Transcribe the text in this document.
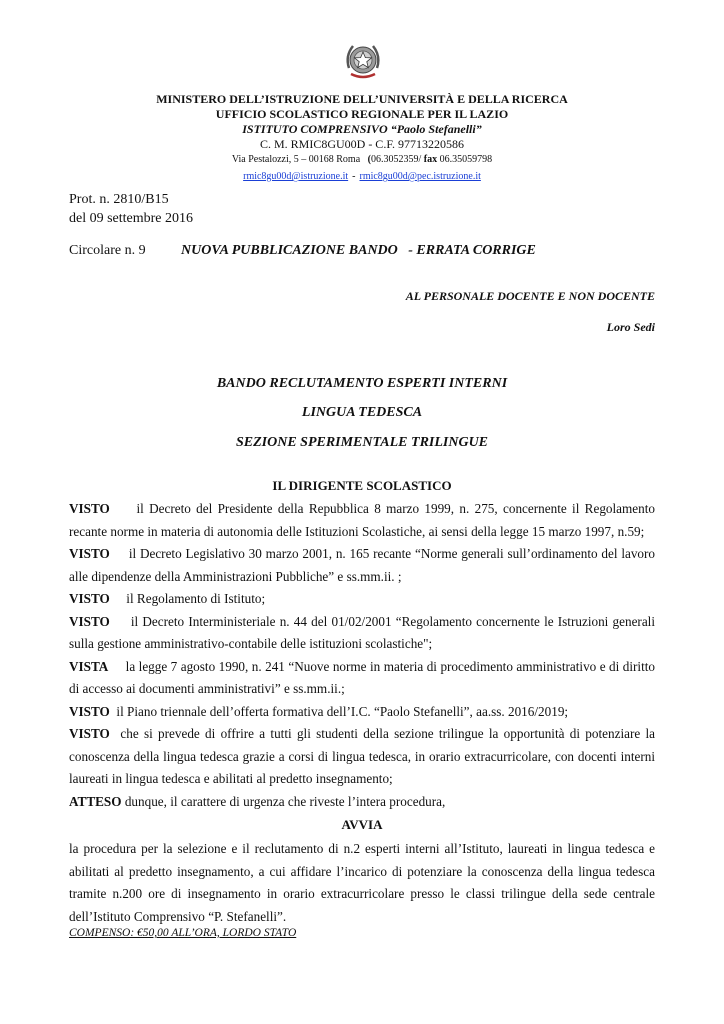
MINISTERO DELL’ISTRUZIONE DELL’UNIVERSITÀ E DELLA RICERCA
UFFICIO SCOLASTICO REGIONALE PER IL LAZIO
ISTITUTO COMPRENSIVO “Paolo Stefanelli”
C. M. RMIC8GU00D - C.F. 97713220586
Via Pestalozzi, 5 – 00168 Roma (06.3052359/ fax 06.35059798
rmic8gu00d@istruzione.it - rmic8gu00d@pec.istruzione.it
Prot. n. 2810/B15
del 09 settembre 2016
Circolare n. 9	NUOVA PUBBLICAZIONE BANDO   - ERRATA CORRIGE
AL PERSONALE DOCENTE E NON DOCENTE
Loro Sedi
BANDO RECLUTAMENTO ESPERTI INTERNI
LINGUA TEDESCA
SEZIONE SPERIMENTALE TRILINGUE
IL DIRIGENTE SCOLASTICO
VISTO il Decreto del Presidente della Repubblica 8 marzo 1999, n. 275, concernente il Regolamento recante norme in materia di autonomia delle Istituzioni Scolastiche, ai sensi della legge 15 marzo 1997, n.59;
VISTO il Decreto Legislativo 30 marzo 2001, n. 165 recante “Norme generali sull’ordinamento del lavoro alle dipendenze della Amministrazioni Pubbliche” e ss.mm.ii. ;
VISTO il Regolamento di Istituto;
VISTO il Decreto Interministeriale n. 44 del 01/02/2001 “Regolamento concernente le Istruzioni generali sulla gestione amministrativo-contabile delle istituzioni scolastiche";
VISTA la legge 7 agosto 1990, n. 241 “Nuove norme in materia di procedimento amministrativo e di diritto di accesso ai documenti amministrativi” e ss.mm.ii.;
VISTO il Piano triennale dell’offerta formativa dell’I.C. “Paolo Stefanelli”, aa.ss. 2016/2019;
VISTO che si prevede di offrire a tutti gli studenti della sezione trilingue la opportunità di potenziare la conoscenza della lingua tedesca grazie a corsi di lingua tedesca, in orario extracurricolare, con docenti interni laureati in lingua tedesca e abilitati al predetto insegnamento;
ATTESO dunque, il carattere di urgenza che riveste l’intera procedura,
AVVIA
la procedura per la selezione e il reclutamento di n.2 esperti interni all’Istituto, laureati in lingua tedesca e abilitati al predetto insegnamento, a cui affidare l’incarico di potenziare la conoscenza della lingua tedesca tramite n.200 ore di insegnamento in orario extracurricolare presso le classi trilingue della sede centrale dell’Istituto Comprensivo “P. Stefanelli”.
COMPENSO: €50,00 ALL’ORA, LORDO STATO
